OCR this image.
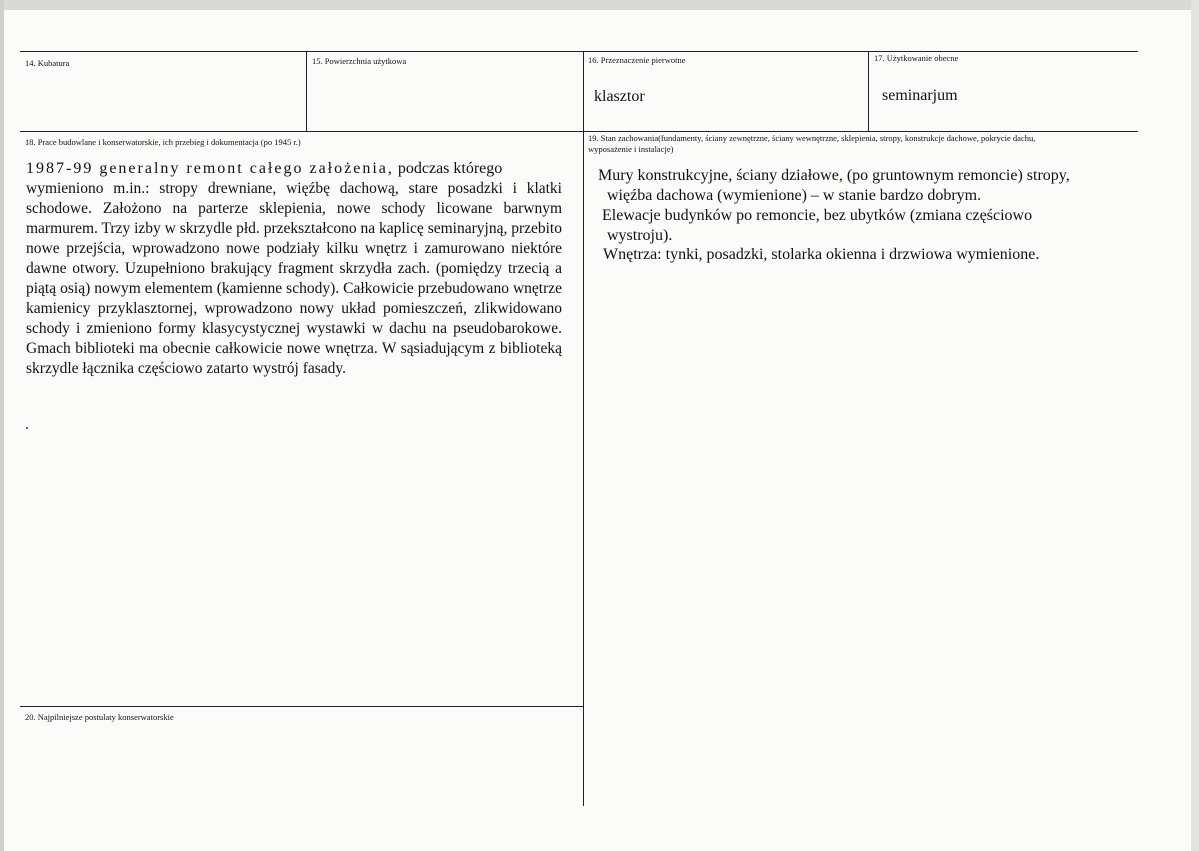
14. Kubatura	15. Powierzchnia użytkowa	16. Przeznaczenie pierwotne
klasztor
17. Użytkowanie obecne
seminarjum
18. Prace budowlane i konserwatorskie, ich przebieg i dokumentacja (po 1945 r.)

1987-99 generalny remont całego założenia, podczas którego

wymieniono m.in.: stropy drewniane, więźbę dachową, stare posadzki i klatki schodowe. Założono na parterze sklepienia, nowe schody licowane barwnym marmurem. Trzy izby w skrzydle płd. przekształcono na kaplicę seminaryjną, przebito nowe przejścia, wprowadzono nowe podziały kilku wnętrz i zamurowano niektóre dawne otwory. Uzupełniono brakujący fragment skrzydła zach. (pomiędzy trzecią a piątą osią) nowym elementem (kamienne schody). Całkowicie przebudowano wnętrze kamienicy przyklasztornej, wprowadzono nowy układ pomieszczeń, zlikwidowano schody i zmieniono formy klasycystycznej wystawki w dachu na pseudobarokowe. Gmach biblioteki ma obecnie całkowicie nowe wnętrza. W sąsiadującym z biblioteką skrzydle łącznika częściowo zatarto wystrój fasady.

19. Stan zachowania(fundamenty, ściany zewnętrzne, ściany wewnętrzne, sklepienia, stropy, konstrukcje dachowe, pokrycie dachu,
wyposażenie i instalacje)
Mury konstrukcyjne, ściany działowe, (po gruntownym remoncie) stropy,
więźba dachowa (wymienione) – w stanie bardzo dobrym.
Elewacje budynków po remoncie, bez ubytków (zmiana częściowo
wystroju).
Wnętrza: tynki, posadzki, stolarka okienna i drzwiowa wymienione.
20. Najpilniejsze postulaty konserwatorskie
